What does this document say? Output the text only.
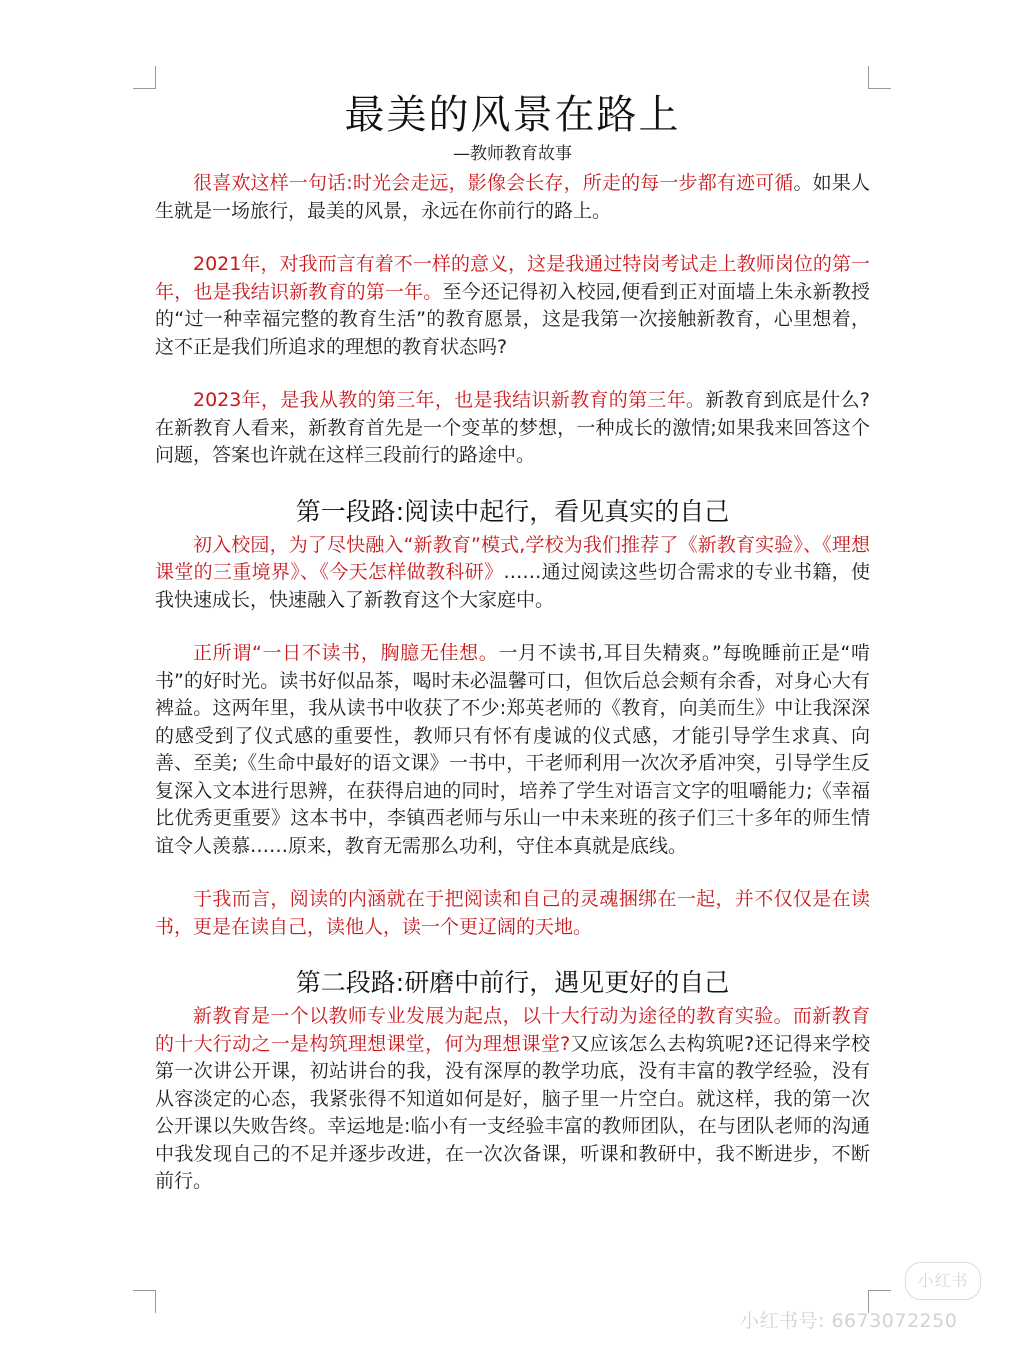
最美的风景在路上

—教师教育故事

很喜欢这样一句话:时光会走远，影像会长存，所走的每一步都有迹可循。如果人生就是一场旅行，最美的风景，永远在你前行的路上。

2021年，对我而言有着不一样的意义，这是我通过特岗考试走上教师岗位的第一年，也是我结识新教育的第一年。至今还记得初入校园,便看到正对面墙上朱永新教授的“过一种幸福完整的教育生活”的教育愿景，这是我第一次接触新教育，心里想着，这不正是我们所追求的理想的教育状态吗?

2023年，是我从教的第三年，也是我结识新教育的第三年。新教育到底是什么?在新教育人看来，新教育首先是一个变革的梦想，一种成长的激情;如果我来回答这个问题，答案也许就在这样三段前行的路途中。

第一段路:阅读中起行，看见真实的自己

初入校园，为了尽快融入“新教育”模式,学校为我们推荐了《新教育实验》、《理想课堂的三重境界》、《今天怎样做教科研》……通过阅读这些切合需求的专业书籍，使我快速成长，快速融入了新教育这个大家庭中。

正所谓“一日不读书，胸臆无佳想。一月不读书,耳目失精爽。”每晚睡前正是“啃书”的好时光。读书好似品茶，喝时未必温馨可口，但饮后总会颊有余香，对身心大有裨益。这两年里，我从读书中收获了不少:郑英老师的《教育，向美而生》中让我深深的感受到了仪式感的重要性，教师只有怀有虔诚的仪式感，才能引导学生求真、向善、至美;《生命中最好的语文课》一书中，干老师利用一次次矛盾冲突，引导学生反复深入文本进行思辨，在获得启迪的同时，培养了学生对语言文字的咀嚼能力;《幸福比优秀更重要》这本书中，李镇西老师与乐山一中未来班的孩子们三十多年的师生情谊令人羡慕……原来，教育无需那么功利，守住本真就是底线。

于我而言，阅读的内涵就在于把阅读和自己的灵魂捆绑在一起，并不仅仅是在读书，更是在读自己，读他人，读一个更辽阔的天地。

第二段路:研磨中前行，遇见更好的自己

新教育是一个以教师专业发展为起点，以十大行动为途径的教育实验。而新教育的十大行动之一是构筑理想课堂，何为理想课堂?又应该怎么去构筑呢?还记得来学校第一次讲公开课，初站讲台的我，没有深厚的教学功底，没有丰富的教学经验，没有从容淡定的心态，我紧张得不知道如何是好，脑子里一片空白。就这样，我的第一次公开课以失败告终。幸运地是:临小有一支经验丰富的教师团队，在与团队老师的沟通中我发现自己的不足并逐步改进，在一次次备课，听课和教研中，我不断进步，不断前行。

小红书
小红书号: 6673072250
